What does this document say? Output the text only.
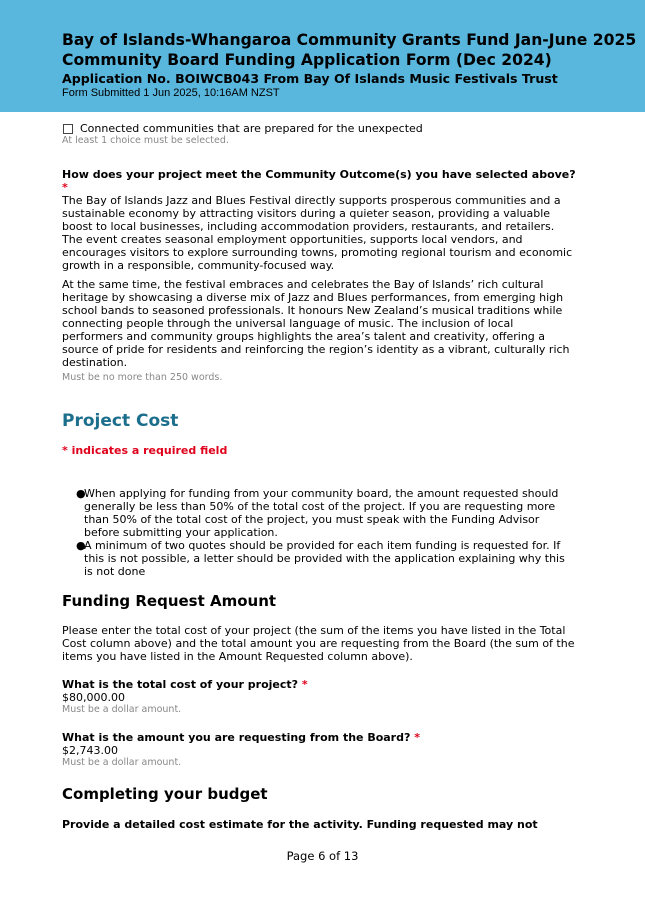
Bay of Islands-Whangaroa Community Grants Fund Jan-June 2025
Community Board Funding Application Form (Dec 2024)
Application No. BOIWCB043 From Bay Of Islands Music Festivals Trust
Form Submitted 1 Jun 2025, 10:16AM NZST
Connected communities that are prepared for the unexpected
At least 1 choice must be selected.
How does your project meet the Community Outcome(s) you have selected above? *

The Bay of Islands Jazz and Blues Festival directly supports prosperous communities and a sustainable economy by attracting visitors during a quieter season, providing a valuable boost to local businesses, including accommodation providers, restaurants, and retailers. The event creates seasonal employment opportunities, supports local vendors, and encourages visitors to explore surrounding towns, promoting regional tourism and economic growth in a responsible, community-focused way.

At the same time, the festival embraces and celebrates the Bay of Islands’ rich cultural heritage by showcasing a diverse mix of Jazz and Blues performances, from emerging high school bands to seasoned professionals. It honours New Zealand’s musical traditions while connecting people through the universal language of music. The inclusion of local performers and community groups highlights the area’s talent and creativity, offering a source of pride for residents and reinforcing the region’s identity as a vibrant, culturally rich destination.

Must be no more than 250 words.
Project Cost
* indicates a required field
●
When applying for funding from your community board, the amount requested should generally be less than 50% of the total cost of the project. If you are requesting more than 50% of the total cost of the project, you must speak with the Funding Advisor before submitting your application.
●
A minimum of two quotes should be provided for each item funding is requested for. If this is not possible, a letter should be provided with the application explaining why this is not done
Funding Request Amount

Please enter the total cost of your project (the sum of the items you have listed in the Total Cost column above) and the total amount you are requesting from the Board (the sum of the items you have listed in the Amount Requested column above).

What is the total cost of your project? *
$80,000.00
Must be a dollar amount.
What is the amount you are requesting from the Board? *
$2,743.00
Must be a dollar amount.
Completing your budget
Provide a detailed cost estimate for the activity. Funding requested may not
Page 6 of 13
